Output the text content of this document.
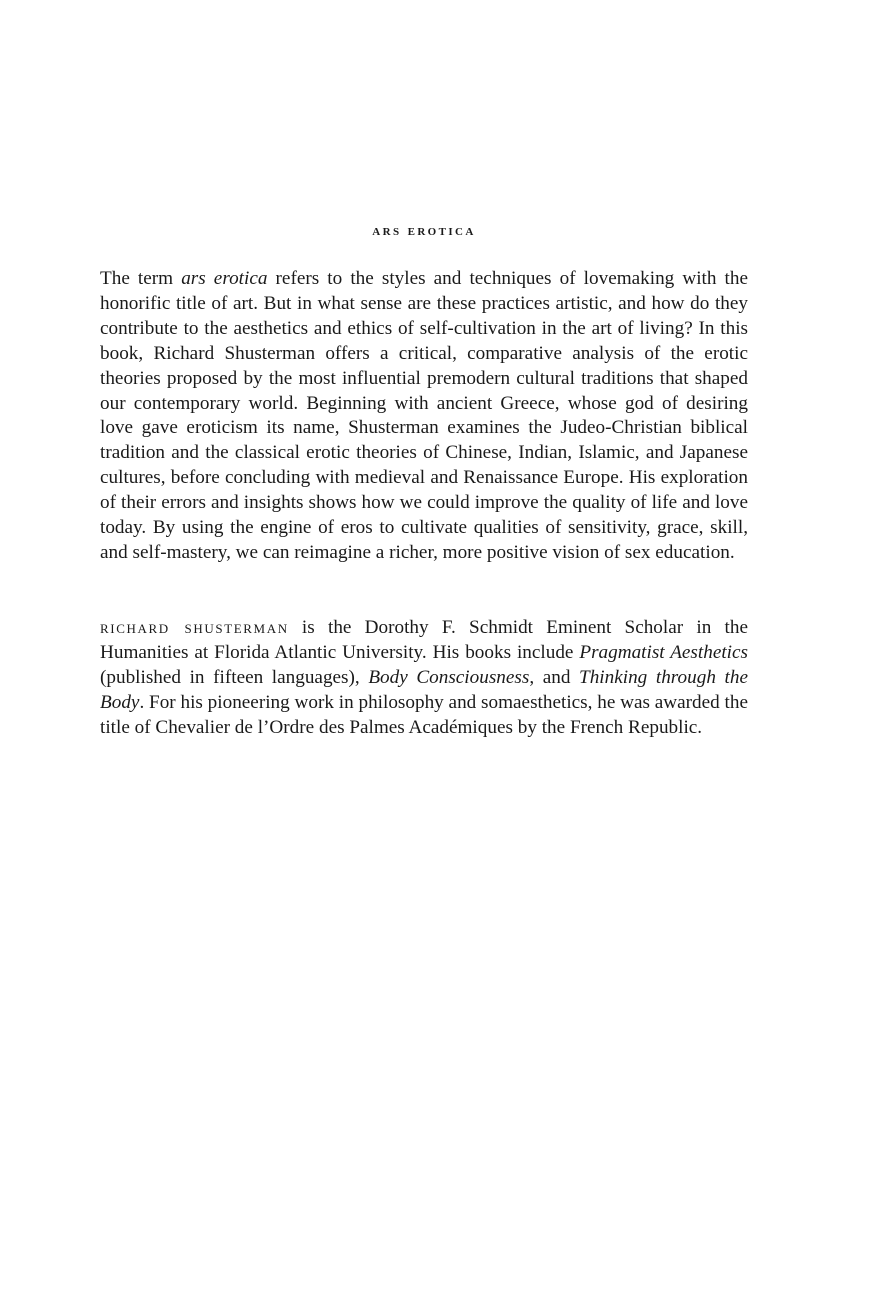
ars erotica

The term ars erotica refers to the styles and techniques of lovemaking with the honorific title of art. But in what sense are these practices artistic, and how do they contribute to the aesthetics and ethics of self-cultivation in the art of living? In this book, Richard Shusterman offers a critical, comparative analysis of the erotic theories proposed by the most influential premodern cultural traditions that shaped our contemporary world. Beginning with ancient Greece, whose god of desiring love gave eroticism its name, Shusterman examines the Judeo-Christian biblical tradition and the classical erotic theories of Chinese, Indian, Islamic, and Japanese cultures, before concluding with medieval and Renaissance Europe. His exploration of their errors and insights shows how we could improve the quality of life and love today. By using the engine of eros to cultivate qualities of sensitivity, grace, skill, and self-mastery, we can reimagine a richer, more positive vision of sex education.

richard shusterman is the Dorothy F. Schmidt Eminent Scholar in the Humanities at Florida Atlantic University. His books include Pragmatist Aesthetics (published in fifteen languages), Body Consciousness, and Thinking through the Body. For his pioneering work in philosophy and somaesthetics, he was awarded the title of Chevalier de l’Ordre des Palmes Académiques by the French Republic.
